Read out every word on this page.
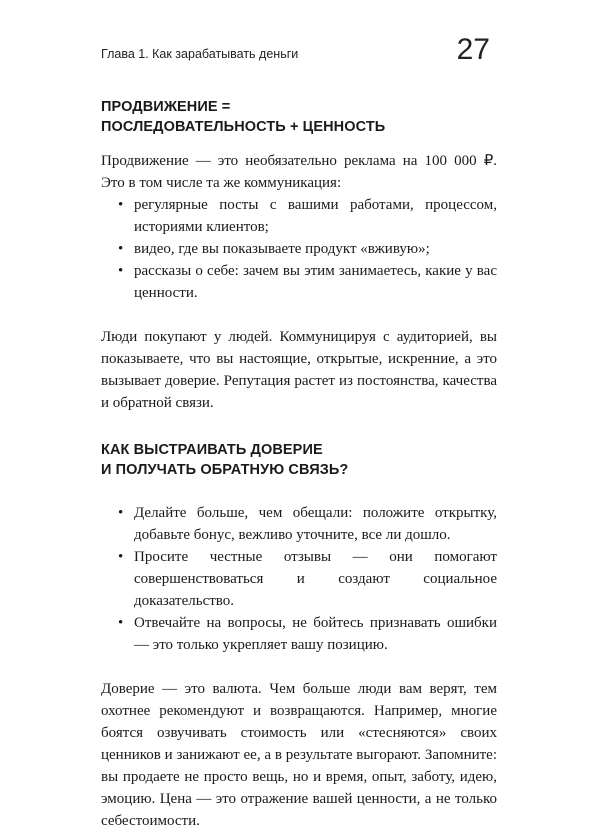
Глава 1. Как зарабатывать деньги	27
ПРОДВИЖЕНИЕ =
ПОСЛЕДОВАТЕЛЬНОСТЬ + ЦЕННОСТЬ

Продвижение — это необязательно реклама на 100 000 ₽. Это в том числе та же коммуникация:

• регулярные посты с вашими работами, процессом, историями клиентов;
• видео, где вы показываете продукт «вживую»;
• рассказы о себе: зачем вы этим занимаетесь, какие у вас ценности.

Люди покупают у людей. Коммуницируя с аудиторией, вы показываете, что вы настоящие, открытые, искренние, а это вызывает доверие. Репутация растет из постоянства, качества и обратной связи.

КАК ВЫСТРАИВАТЬ ДОВЕРИЕ
И ПОЛУЧАТЬ ОБРАТНУЮ СВЯЗЬ?
• Делайте больше, чем обещали: положите открытку, добавьте бонус, вежливо уточните, все ли дошло.
• Просите честные отзывы — они помогают совершенствоваться и создают социальное доказательство.
• Отвечайте на вопросы, не бойтесь признавать ошибки — это только укрепляет вашу позицию.

Доверие — это валюта. Чем больше люди вам верят, тем охотнее рекомендуют и возвращаются. Например, многие боятся озвучивать стоимость или «стесняются» своих ценников и занижают ее, а в результате выгорают. Запомните: вы продаете не просто вещь, но и время, опыт, заботу, идею, эмоцию. Цена — это отражение вашей ценности, а не только себестоимости.
